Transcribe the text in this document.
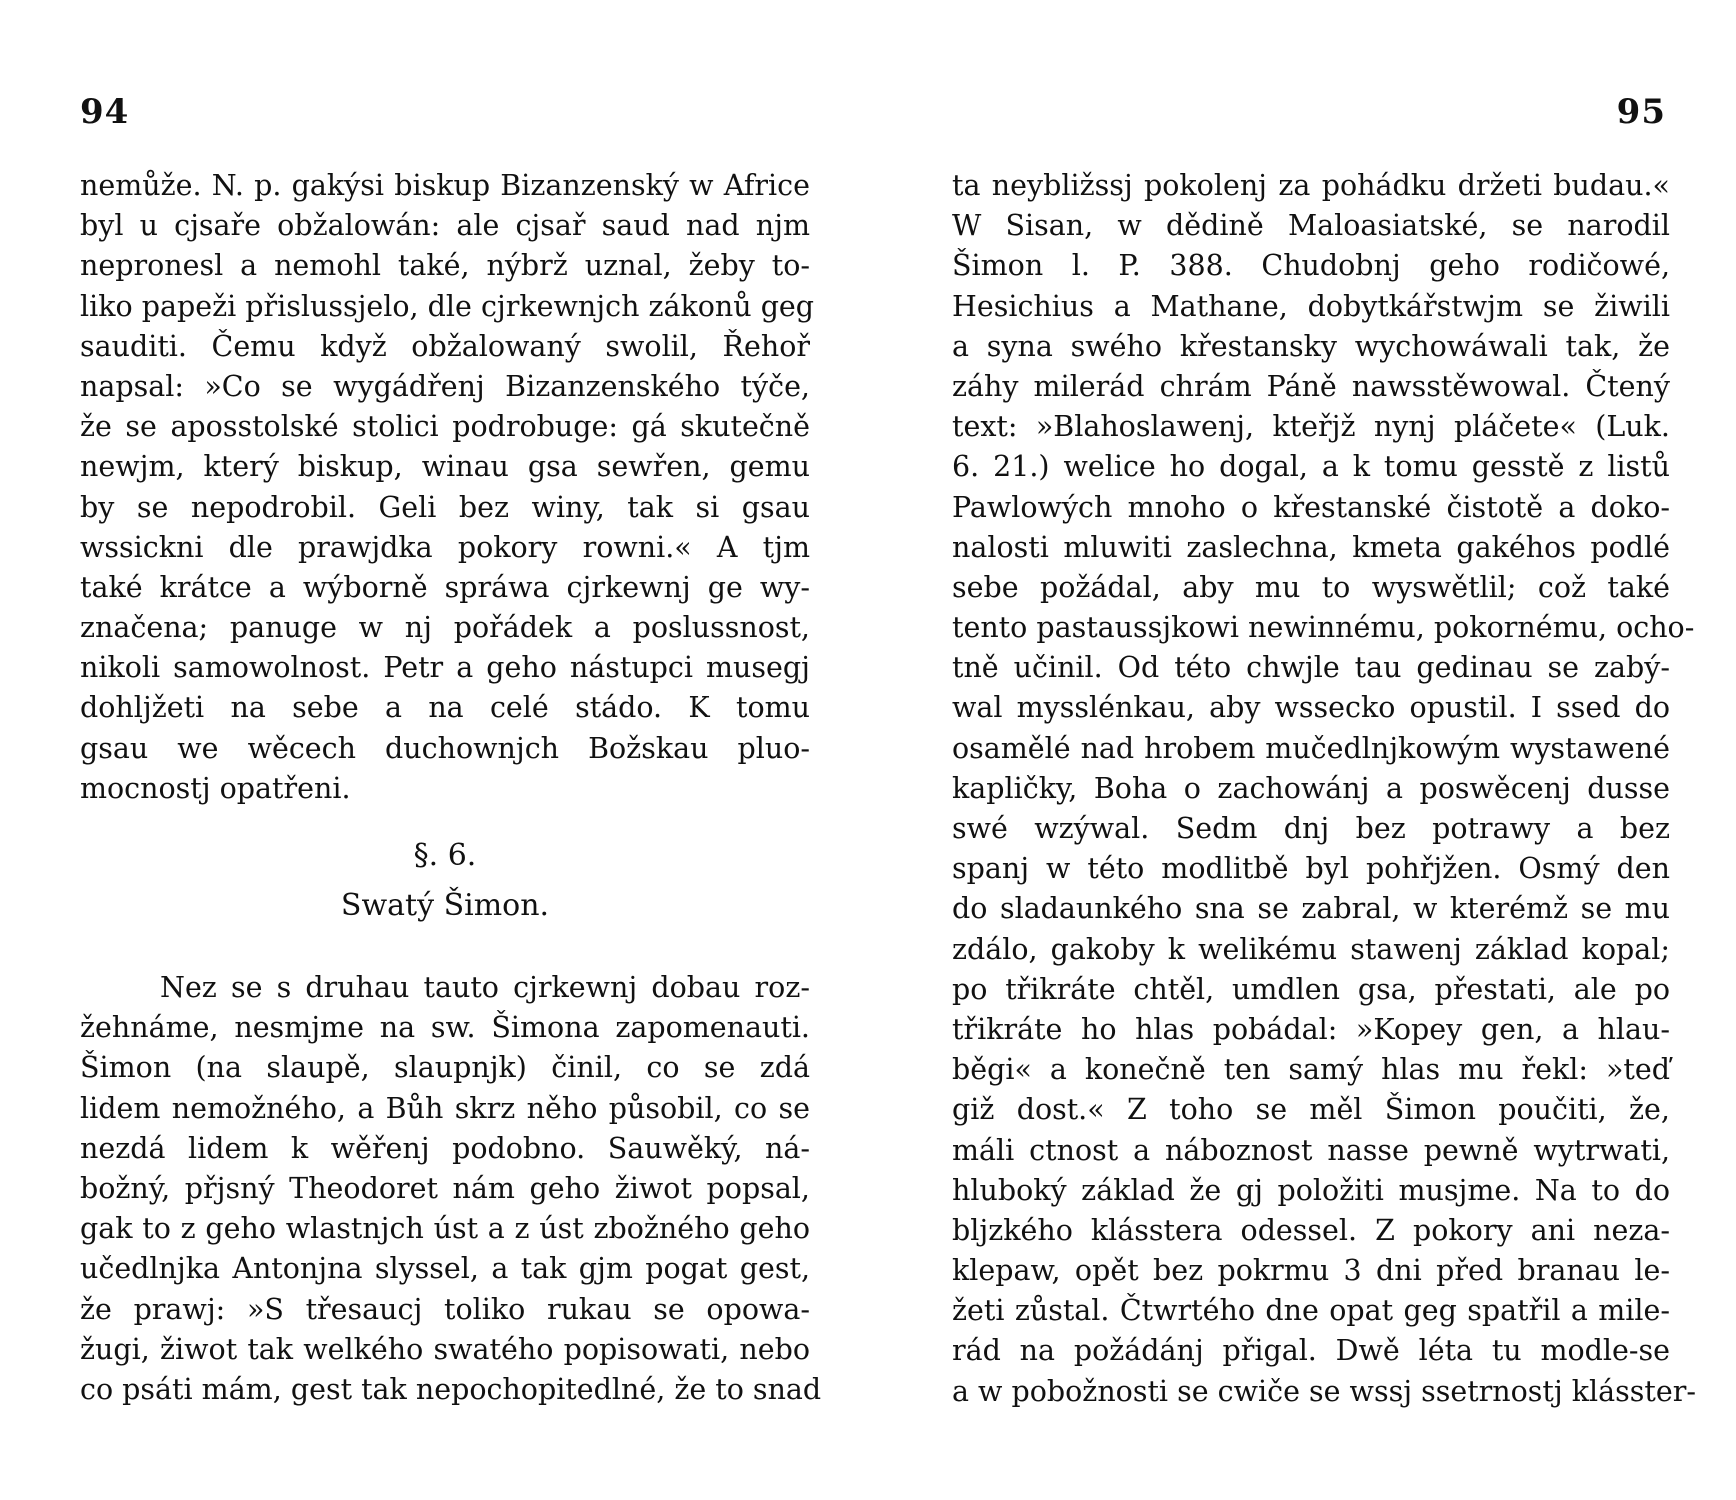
94
nemůže. N. p. gakýsi biskup Bizanzenský w Africe
byl u cjsaře obžalowán: ale cjsař saud nad njm
nepronesl a nemohl také, nýbrž uznal, žeby to-
liko papeži přislussjelo, dle cjrkewnjch zákonů geg
sauditi. Čemu když obžalowaný swolil, Řehoř
napsal: »Co se wygádřenj Bizanzenského týče,
že se aposstolské stolici podrobuge: gá skutečně
newjm, který biskup, winau gsa sewřen, gemu
by se nepodrobil. Geli bez winy, tak si gsau
wssickni dle prawjdka pokory rowni.« A tjm
také krátce a wýborně spráwa cjrkewnj ge wy-
značena; panuge w nj pořádek a poslussnost,
nikoli samowolnost. Petr a geho nástupci musegj
dohljžeti na sebe a na celé stádo. K tomu
gsau we wěcech duchownjch Božskau pluo-
mocnostj opatřeni.
§. 6.
Swatý Šimon.
Nez se s druhau tauto cjrkewnj dobau roz-
žehnáme, nesmjme na sw. Šimona zapomenauti.
Šimon (na slaupě, slaupnjk) činil, co se zdá
lidem nemožného, a Bůh skrz něho působil, co se
nezdá lidem k wěřenj podobno. Sauwěký, ná-
božný, přjsný Theodoret nám geho žiwot popsal,
gak to z geho wlastnjch úst a z úst zbožného geho
učedlnjka Antonjna slyssel, a tak gjm pogat gest,
že prawj: »S třesaucj toliko rukau se opowa-
žugi, žiwot tak welkého swatého popisowati, nebo
co psáti mám, gest tak nepochopitedlné, že to snad
95
ta neybližssj pokolenj za pohádku držeti budau.«
W Sisan, w dědině Maloasiatské, se narodil
Šimon l. P. 388. Chudobnj geho rodičowé,
Hesichius a Mathane, dobytkářstwjm se žiwili
a syna swého křestansky wychowáwali tak, že
záhy milerád chrám Páně nawsstěwowal. Čtený
text: »Blahoslawenj, kteřjž nynj pláčete« (Luk.
6. 21.) welice ho dogal, a k tomu gesstě z listů
Pawlowých mnoho o křestanské čistotě a doko-
nalosti mluwiti zaslechna, kmeta gakéhos podlé
sebe požádal, aby mu to wyswětlil; což také
tento pastaussjkowi newinnému, pokornému, ocho-
tně učinil. Od této chwjle tau gedinau se zabý-
wal mysslénkau, aby wssecko opustil. I ssed do
osamělé nad hrobem mučedlnjkowým wystawené
kapličky, Boha o zachowánj a poswěcenj dusse
swé wzýwal. Sedm dnj bez potrawy a bez
spanj w této modlitbě byl pohřjžen. Osmý den
do sladaunkého sna se zabral, w kterémž se mu
zdálo, gakoby k welikému stawenj základ kopal;
po třikráte chtěl, umdlen gsa, přestati, ale po
třikráte ho hlas pobádal: »Kopey gen, a hlau-
běgi« a konečně ten samý hlas mu řekl: »teď
giž dost.« Z toho se měl Šimon poučiti, že,
máli ctnost a náboznost nasse pewně wytrwati,
hluboký základ že gj položiti musjme. Na to do
bljzkého klásstera odessel. Z pokory ani neza-
klepaw, opět bez pokrmu 3 dni před branau le-
žeti zůstal. Čtwrtého dne opat geg spatřil a mile-
rád na požádánj přigal. Dwě léta tu modle-se
a w pobožnosti se cwiče se wssj ssetrnostj klásster-
